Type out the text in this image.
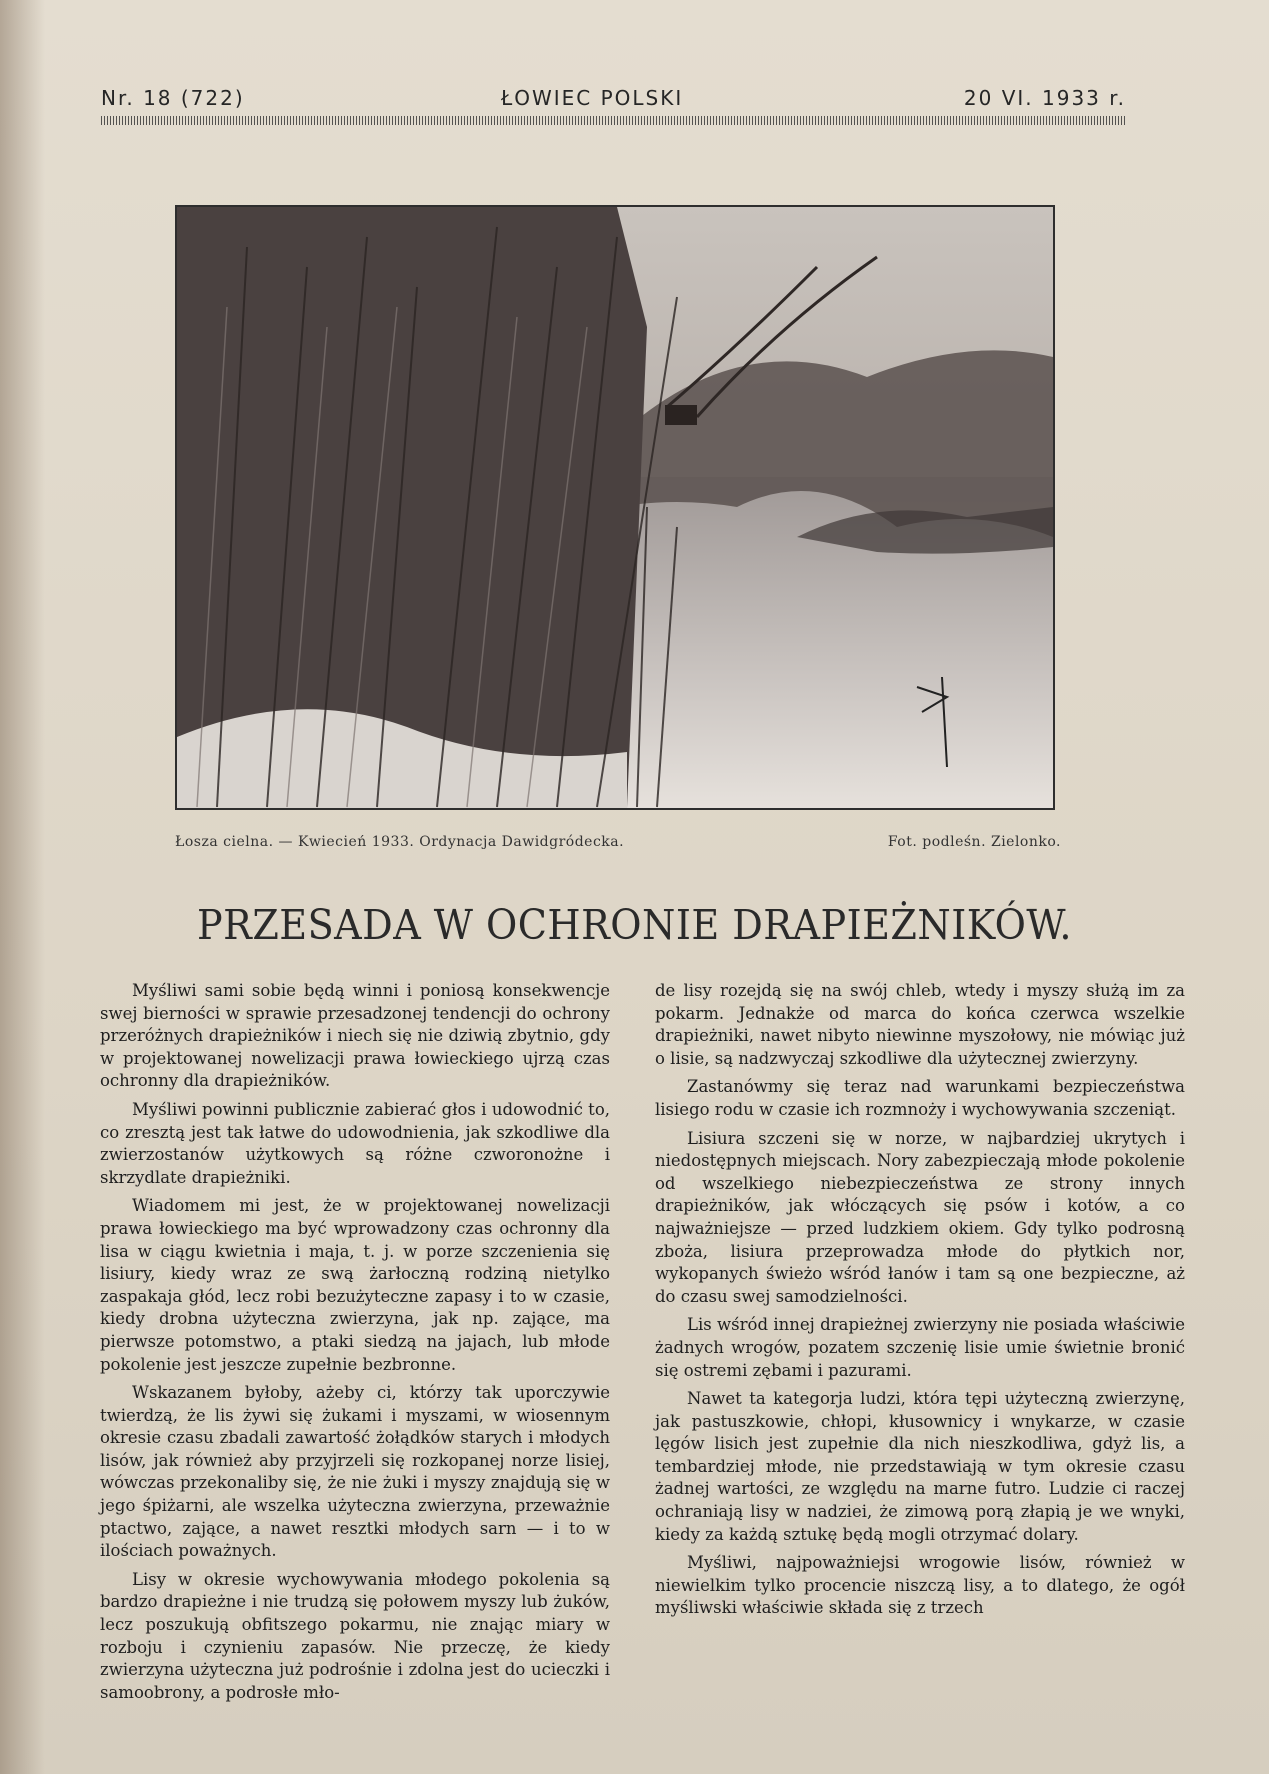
Nr. 18 (722)	ŁOWIEC POLSKI	20 VI. 1933 r.
Łosza cielna. — Kwiecień 1933. Ordynacja Dawidgródecka.	Fot. podleśn. Zielonko.
PRZESADA W OCHRONIE DRAPIEŻNIKÓW.

Myśliwi sami sobie będą winni i poniosą konsekwencje swej bierności w sprawie przesadzonej tendencji do ochrony przeróżnych drapieżników i niech się nie dziwią zbytnio, gdy w projektowanej nowelizacji prawa łowieckiego ujrzą czas ochronny dla drapieżników.

Myśliwi powinni publicznie zabierać głos i udowodnić to, co zresztą jest tak łatwe do udowodnienia, jak szkodliwe dla zwierzostanów użytkowych są różne czworonożne i skrzydlate drapieżniki.

Wiadomem mi jest, że w projektowanej nowelizacji prawa łowieckiego ma być wprowadzony czas ochronny dla lisa w ciągu kwietnia i maja, t. j. w porze szczenienia się lisiury, kiedy wraz ze swą żarłoczną rodziną nietylko zaspakaja głód, lecz robi bezużyteczne zapasy i to w czasie, kiedy drobna użyteczna zwierzyna, jak np. zające, ma pierwsze potomstwo, a ptaki siedzą na jajach, lub młode pokolenie jest jeszcze zupełnie bezbronne.

Wskazanem byłoby, ażeby ci, którzy tak uporczywie twierdzą, że lis żywi się żukami i myszami, w wiosennym okresie czasu zbadali zawartość żołądków starych i młodych lisów, jak również aby przyjrzeli się rozkopanej norze lisiej, wówczas przekonaliby się, że nie żuki i myszy znajdują się w jego śpiżarni, ale wszelka użyteczna zwierzyna, przeważnie ptactwo, zające, a nawet resztki młodych sarn — i to w ilościach poważnych.

Lisy w okresie wychowywania młodego pokolenia są bardzo drapieżne i nie trudzą się połowem myszy lub żuków, lecz poszukują obfitszego pokarmu, nie znając miary w rozboju i czynieniu zapasów. Nie przeczę, że kiedy zwierzyna użyteczna już podrośnie i zdolna jest do ucieczki i samoobrony, a podrosłe mło-

de lisy rozejdą się na swój chleb, wtedy i myszy służą im za pokarm. Jednakże od marca do końca czerwca wszelkie drapieżniki, nawet nibyto niewinne myszołowy, nie mówiąc już o lisie, są nadzwyczaj szkodliwe dla użytecznej zwierzyny.

Zastanówmy się teraz nad warunkami bezpieczeństwa lisiego rodu w czasie ich rozmnoży i wychowywania szczeniąt.

Lisiura szczeni się w norze, w najbardziej ukrytych i niedostępnych miejscach. Nory zabezpieczają młode pokolenie od wszelkiego niebezpieczeństwa ze strony innych drapieżników, jak włóczących się psów i kotów, a co najważniejsze — przed ludzkiem okiem. Gdy tylko podrosną zboża, lisiura przeprowadza młode do płytkich nor, wykopanych świeżo wśród łanów i tam są one bezpieczne, aż do czasu swej samodzielności.

Lis wśród innej drapieżnej zwierzyny nie posiada właściwie żadnych wrogów, pozatem szczenię lisie umie świetnie bronić się ostremi zębami i pazurami.

Nawet ta kategorja ludzi, która tępi użyteczną zwierzynę, jak pastuszkowie, chłopi, kłusownicy i wnykarze, w czasie lęgów lisich jest zupełnie dla nich nieszkodliwa, gdyż lis, a tembardziej młode, nie przedstawiają w tym okresie czasu żadnej wartości, ze względu na marne futro. Ludzie ci raczej ochraniają lisy w nadziei, że zimową porą złapią je we wnyki, kiedy za każdą sztukę będą mogli otrzymać dolary.

Myśliwi, najpoważniejsi wrogowie lisów, również w niewielkim tylko procencie niszczą lisy, a to dlatego, że ogół myśliwski właściwie składa się z trzech
